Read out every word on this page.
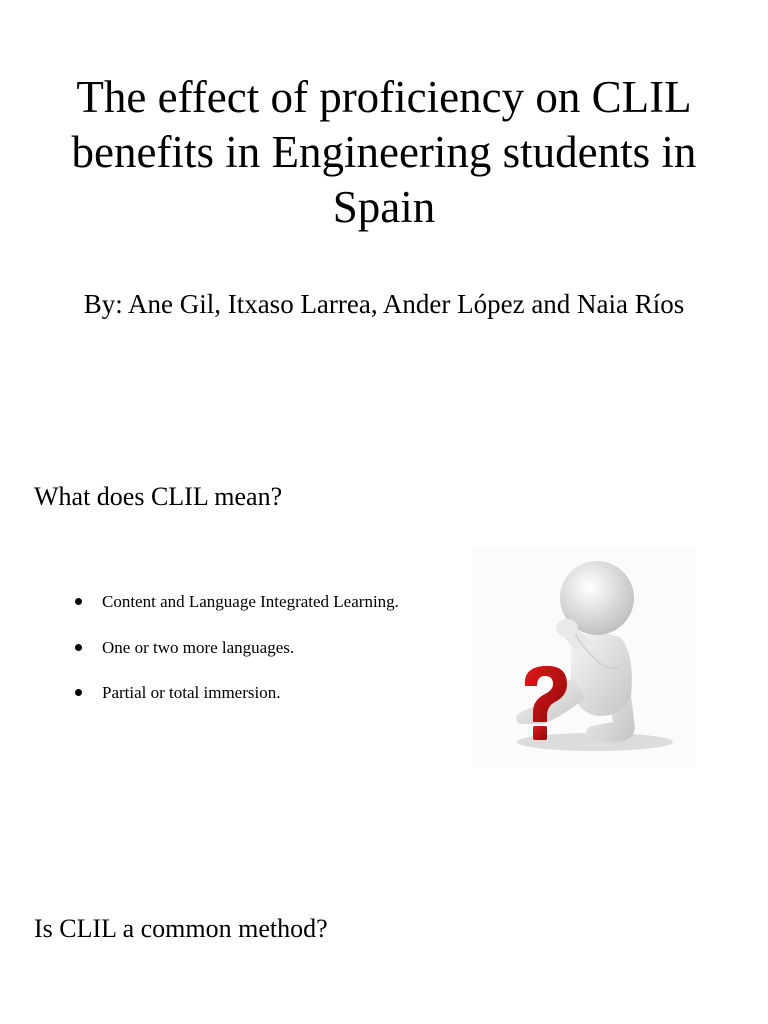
The effect of proficiency on CLIL benefits in Engineering students in Spain

By: Ane Gil, Itxaso Larrea, Ander López and Naia Ríos

What does CLIL mean?
Content and Language Integrated Learning.
One or two more languages.
Partial or total immersion.
Is CLIL a common method?
